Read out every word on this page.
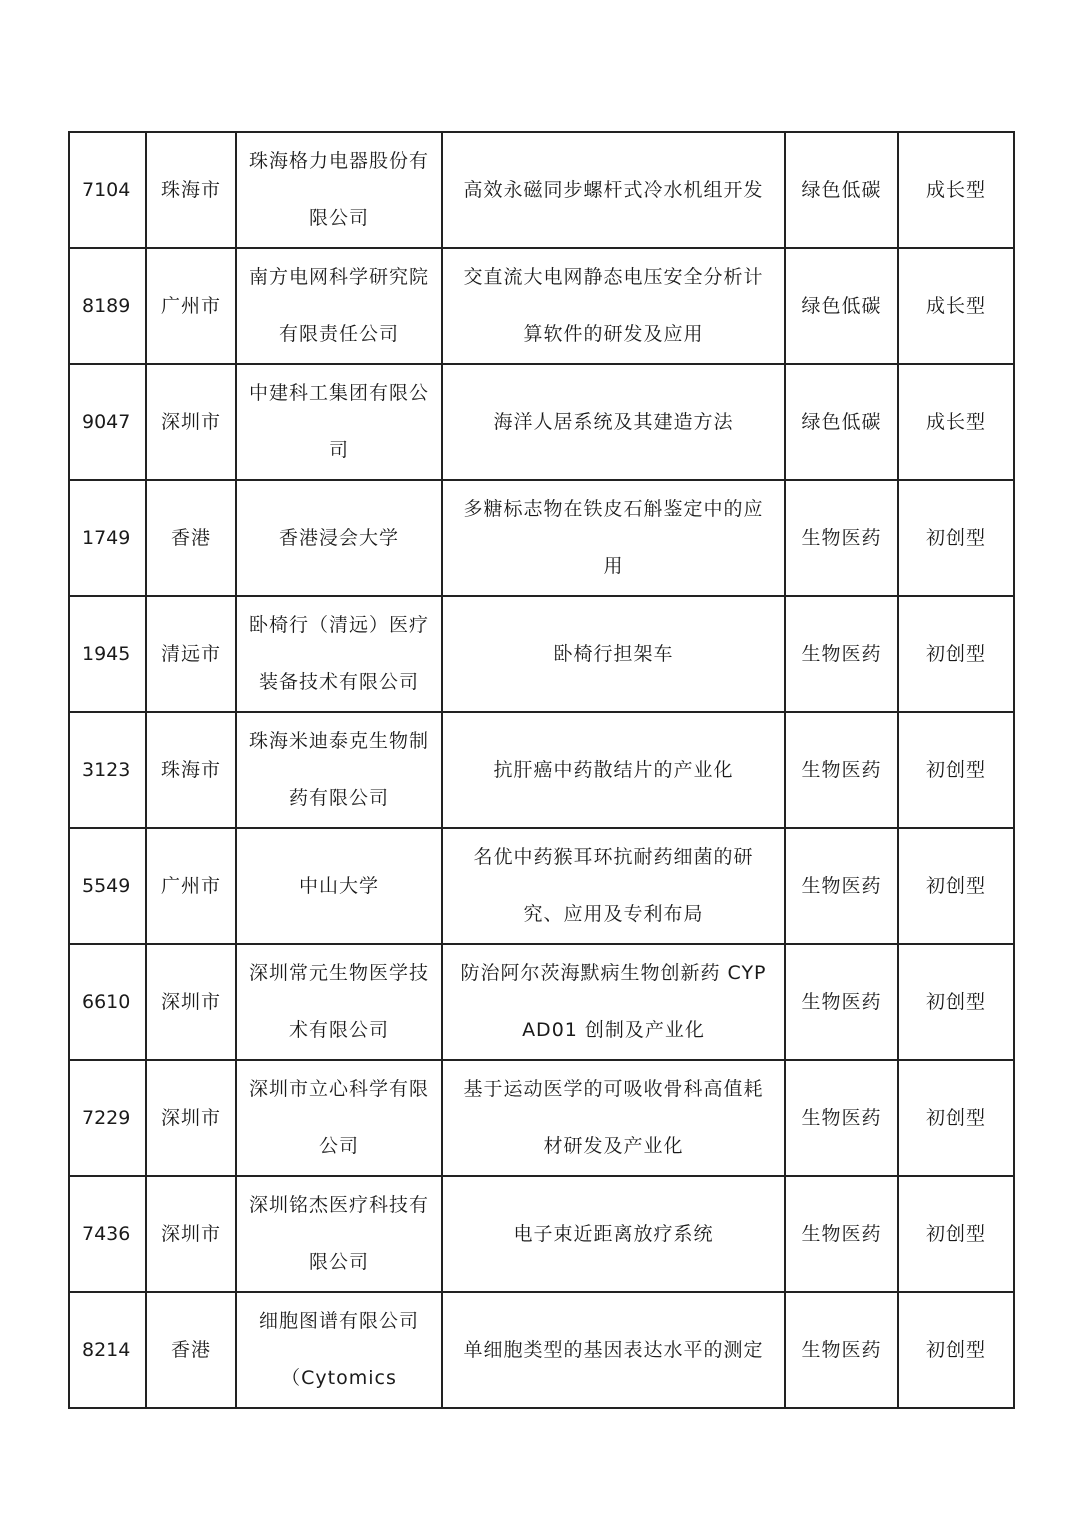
7104	珠海市	珠海格力电器股份有限公司	高效永磁同步螺杆式冷水机组开发	绿色低碳	成长型
8189	广州市	南方电网科学研究院有限责任公司	交直流大电网静态电压安全分析计算软件的研发及应用	绿色低碳	成长型
9047	深圳市	中建科工集团有限公司	海洋人居系统及其建造方法	绿色低碳	成长型
1749	香港	香港浸会大学	多糖标志物在铁皮石斛鉴定中的应用	生物医药	初创型
1945	清远市	卧椅行（清远）医疗装备技术有限公司	卧椅行担架车	生物医药	初创型
3123	珠海市	珠海米迪泰克生物制药有限公司	抗肝癌中药散结片的产业化	生物医药	初创型
5549	广州市	中山大学	名优中药猴耳环抗耐药细菌的研究、应用及专利布局	生物医药	初创型
6610	深圳市	深圳常元生物医学技术有限公司	防治阿尔茨海默病生物创新药 CYPAD01 创制及产业化	生物医药	初创型
7229	深圳市	深圳市立心科学有限公司	基于运动医学的可吸收骨科高值耗材研发及产业化	生物医药	初创型
7436	深圳市	深圳铭杰医疗科技有限公司	电子束近距离放疗系统	生物医药	初创型
8214	香港	细胞图谱有限公司（Cytomics	单细胞类型的基因表达水平的测定	生物医药	初创型
